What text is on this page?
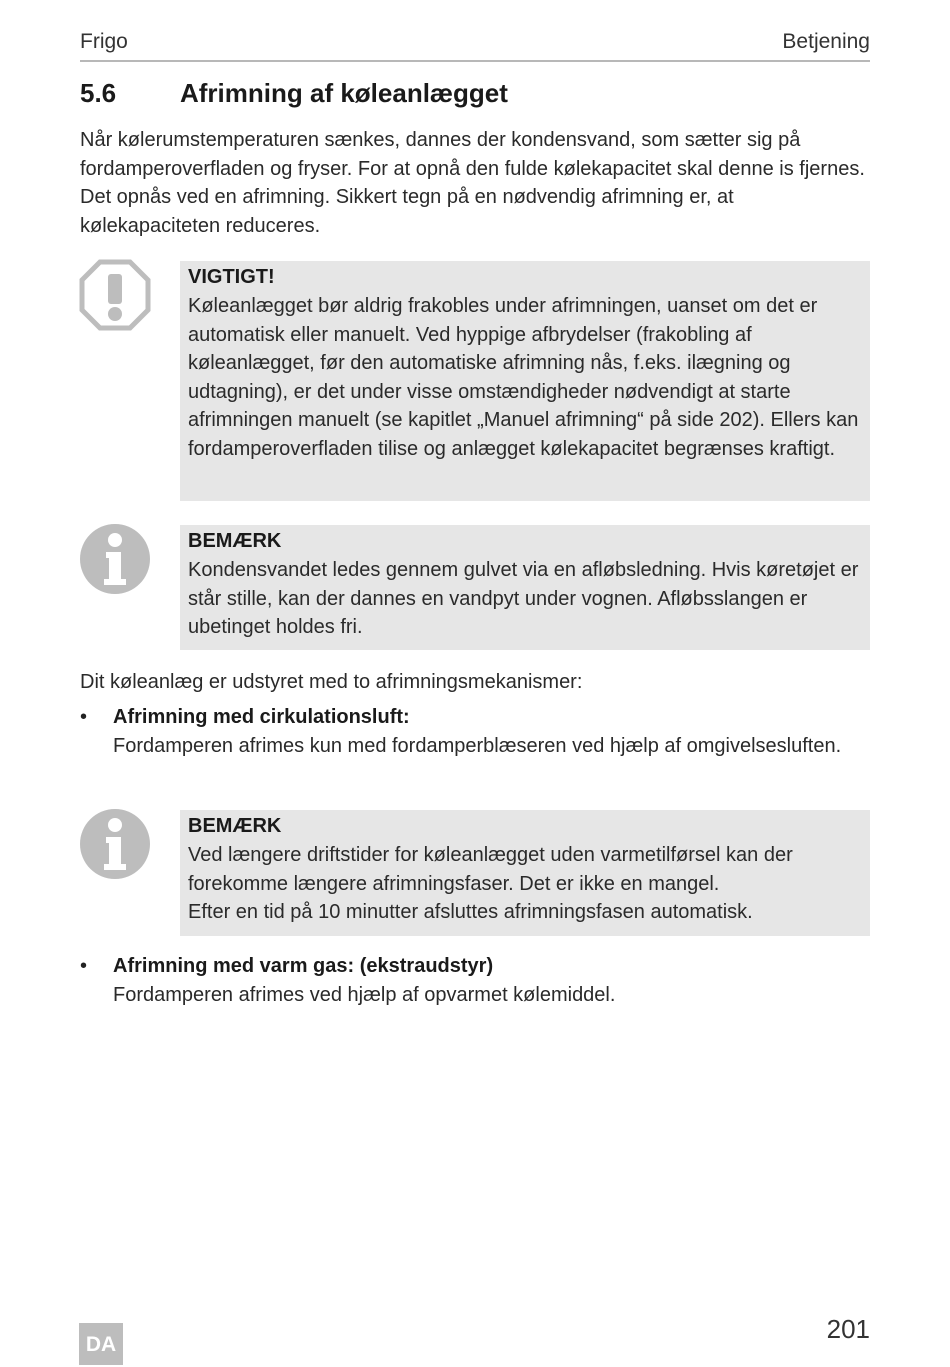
Frigo	Betjening
5.6 Afrimning af køleanlægget

Når kølerumstemperaturen sænkes, dannes der kondensvand, som sætter sig på fordamperoverfladen og fryser. For at opnå den fulde kølekapacitet skal denne is fjernes. Det opnås ved en afrimning. Sikkert tegn på en nødvendig afrimning er, at kølekapaciteten reduceres.

VIGTIGT!
Køleanlægget bør aldrig frakobles under afrimningen, uanset om det er automatisk eller manuelt. Ved hyppige afbrydelser (frakobling af køleanlægget, før den automatiske afrimning nås, f.eks. ilægning og udtagning), er det under visse omstændigheder nødvendigt at starte afrimningen manuelt (se kapitlet „Manuel afrimning“ på side 202). Ellers kan fordamperoverfladen tilise og anlægget kølekapacitet begrænses kraftigt.
BEMÆRK
Kondensvandet ledes gennem gulvet via en afløbsledning. Hvis køretøjet er står stille, kan der dannes en vandpyt under vognen. Afløbsslangen er ubetinget holdes fri.

Dit køleanlæg er udstyret med to afrimningsmekanismer:

• Afrimning med cirkulationsluft:
Fordamperen afrimes kun med fordamperblæseren ved hjælp af omgivelsesluften.
BEMÆRK
Ved længere driftstider for køleanlægget uden varmetilførsel kan der forekomme længere afrimningsfaser. Det er ikke en mangel.
Efter en tid på 10 minutter afsluttes afrimningsfasen automatisk.
• Afrimning med varm gas: (ekstraudstyr)
Fordamperen afrimes ved hjælp af opvarmet kølemiddel.
DA
201
